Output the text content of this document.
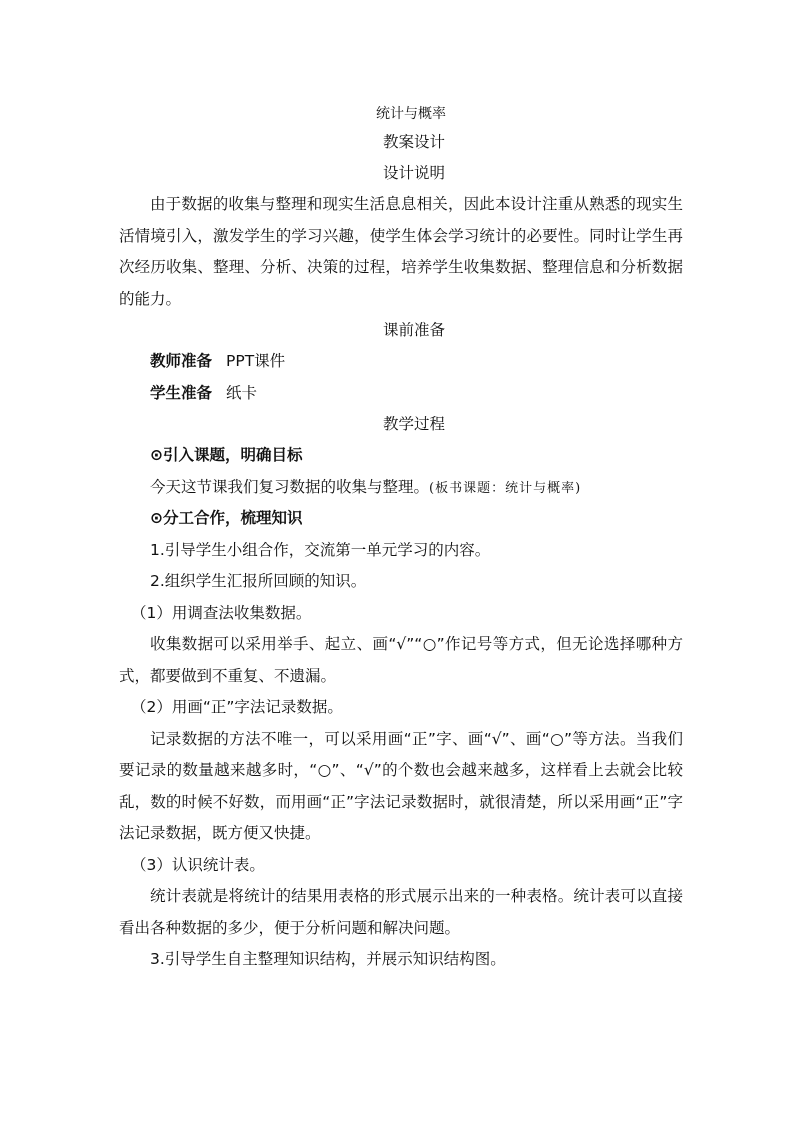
统计与概率
教案设计
设计说明

由于数据的收集与整理和现实生活息息相关，因此本设计注重从熟悉的现实生活情境引入，激发学生的学习兴趣，使学生体会学习统计的必要性。同时让学生再次经历收集、整理、分析、决策的过程，培养学生收集数据、整理信息和分析数据的能力。

课前准备
教师准备 PPT课件
学生准备 纸卡
教学过程
⊙引入课题，明确目标
今天这节课我们复习数据的收集与整理。(板书课题：统计与概率)
⊙分工合作，梳理知识
1.引导学生小组合作，交流第一单元学习的内容。
2.组织学生汇报所回顾的知识。
（1）用调查法收集数据。

收集数据可以采用举手、起立、画“√”“○”作记号等方式，但无论选择哪种方式，都要做到不重复、不遗漏。

（2）用画“正”字法记录数据。

记录数据的方法不唯一，可以采用画“正”字、画“√”、画“○”等方法。当我们要记录的数量越来越多时，“○”、“√”的个数也会越来越多，这样看上去就会比较乱，数的时候不好数，而用画“正”字法记录数据时，就很清楚，所以采用画“正”字法记录数据，既方便又快捷。

（3）认识统计表。

统计表就是将统计的结果用表格的形式展示出来的一种表格。统计表可以直接看出各种数据的多少，便于分析问题和解决问题。

3.引导学生自主整理知识结构，并展示知识结构图。
